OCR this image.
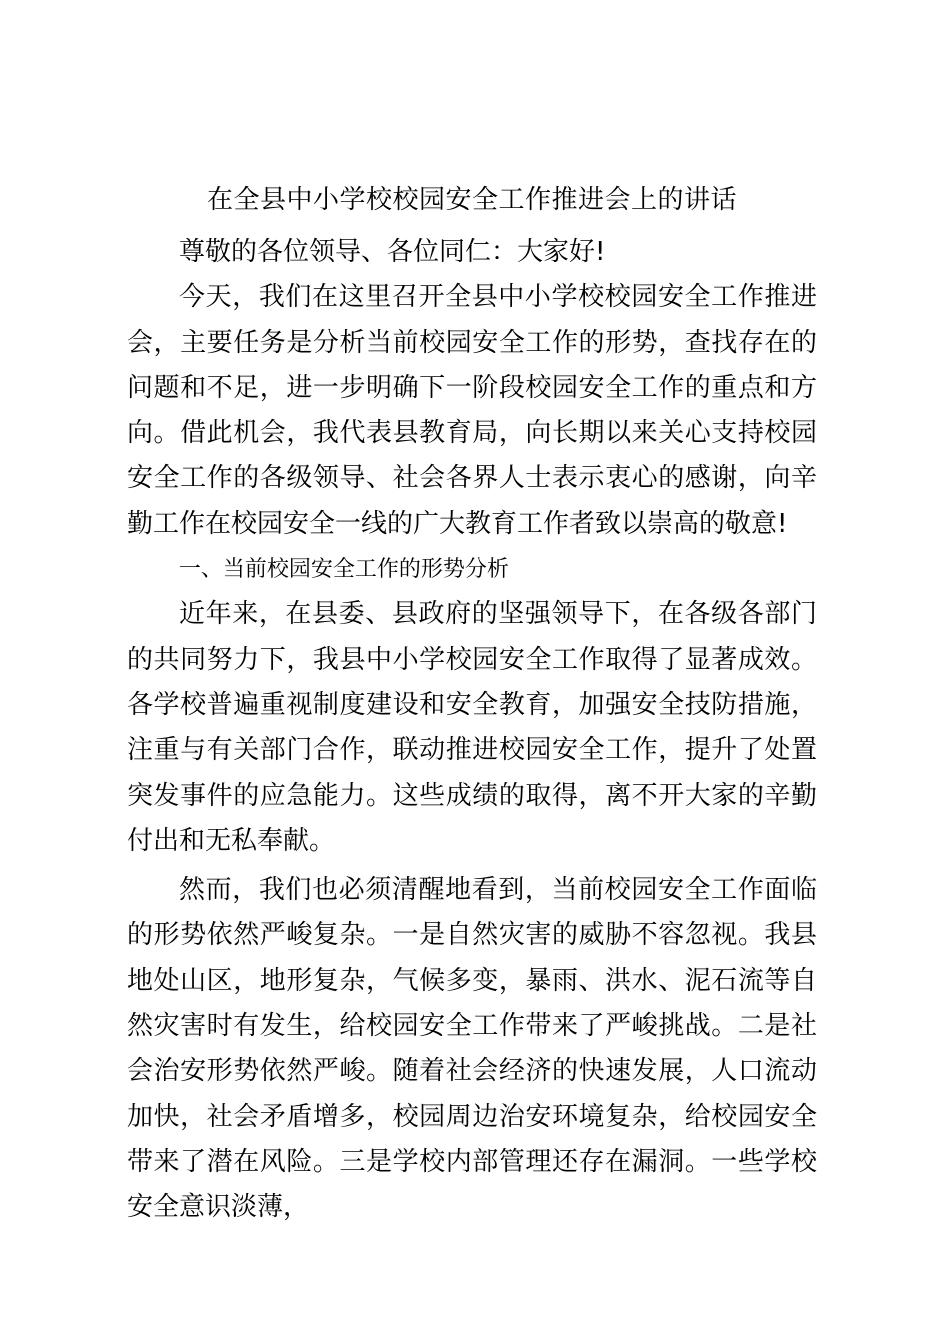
在全县中小学校校园安全工作推进会上的讲话

尊敬的各位领导、各位同仁：大家好!

今天，我们在这里召开全县中小学校校园安全工作推进会，主要任务是分析当前校园安全工作的形势，查找存在的问题和不足，进一步明确下一阶段校园安全工作的重点和方向。借此机会，我代表县教育局，向长期以来关心支持校园安全工作的各级领导、社会各界人士表示衷心的感谢，向辛勤工作在校园安全一线的广大教育工作者致以崇高的敬意!

一、当前校园安全工作的形势分析

近年来，在县委、县政府的坚强领导下，在各级各部门的共同努力下，我县中小学校园安全工作取得了显著成效。各学校普遍重视制度建设和安全教育，加强安全技防措施，注重与有关部门合作，联动推进校园安全工作，提升了处置突发事件的应急能力。这些成绩的取得，离不开大家的辛勤付出和无私奉献。

然而，我们也必须清醒地看到，当前校园安全工作面临的形势依然严峻复杂。一是自然灾害的威胁不容忽视。我县地处山区，地形复杂，气候多变，暴雨、洪水、泥石流等自然灾害时有发生，给校园安全工作带来了严峻挑战。二是社会治安形势依然严峻。随着社会经济的快速发展，人口流动加快，社会矛盾增多，校园周边治安环境复杂，给校园安全带来了潜在风险。三是学校内部管理还存在漏洞。一些学校安全意识淡薄，
